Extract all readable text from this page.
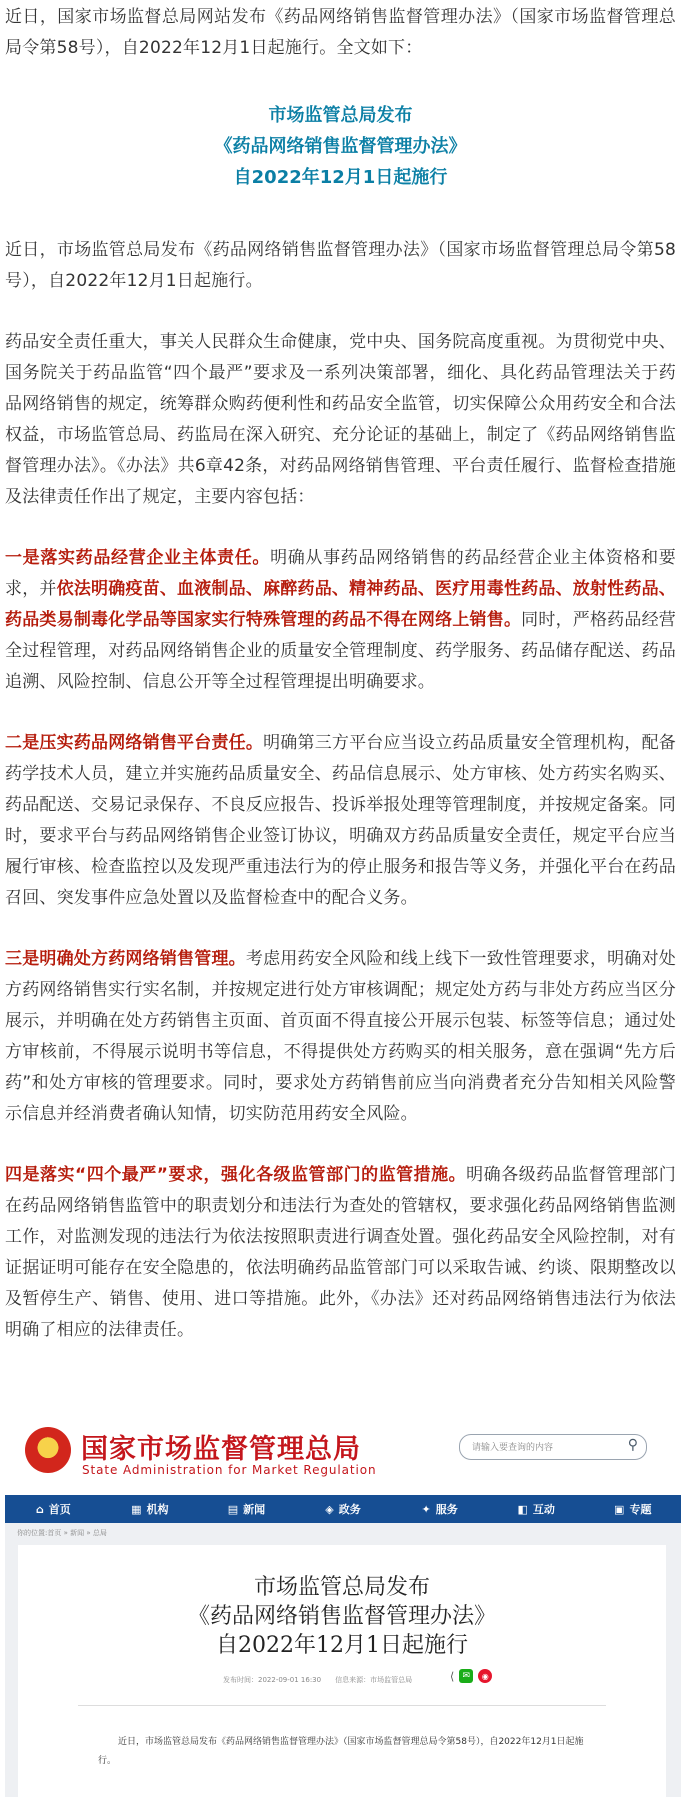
近日，国家市场监督总局网站发布《药品网络销售监督管理办法》（国家市场监督管理总局令第58号），自2022年12月1日起施行。全文如下：

市场监管总局发布
《药品网络销售监督管理办法》
自2022年12月1日起施行

近日，市场监管总局发布《药品网络销售监督管理办法》（国家市场监督管理总局令第58号），自2022年12月1日起施行。

药品安全责任重大，事关人民群众生命健康，党中央、国务院高度重视。为贯彻党中央、国务院关于药品监管“四个最严”要求及一系列决策部署，细化、具化药品管理法关于药品网络销售的规定，统筹群众购药便利性和药品安全监管，切实保障公众用药安全和合法权益，市场监管总局、药监局在深入研究、充分论证的基础上，制定了《药品网络销售监督管理办法》。《办法》共6章42条，对药品网络销售管理、平台责任履行、监督检查措施及法律责任作出了规定，主要内容包括：

一是落实药品经营企业主体责任。明确从事药品网络销售的药品经营企业主体资格和要求，并依法明确疫苗、血液制品、麻醉药品、精神药品、医疗用毒性药品、放射性药品、药品类易制毒化学品等国家实行特殊管理的药品不得在网络上销售。同时，严格药品经营全过程管理，对药品网络销售企业的质量安全管理制度、药学服务、药品储存配送、药品追溯、风险控制、信息公开等全过程管理提出明确要求。

二是压实药品网络销售平台责任。明确第三方平台应当设立药品质量安全管理机构，配备药学技术人员，建立并实施药品质量安全、药品信息展示、处方审核、处方药实名购买、药品配送、交易记录保存、不良反应报告、投诉举报处理等管理制度，并按规定备案。同时，要求平台与药品网络销售企业签订协议，明确双方药品质量安全责任，规定平台应当履行审核、检查监控以及发现严重违法行为的停止服务和报告等义务，并强化平台在药品召回、突发事件应急处置以及监督检查中的配合义务。

三是明确处方药网络销售管理。考虑用药安全风险和线上线下一致性管理要求，明确对处方药网络销售实行实名制，并按规定进行处方审核调配；规定处方药与非处方药应当区分展示，并明确在处方药销售主页面、首页面不得直接公开展示包装、标签等信息；通过处方审核前，不得展示说明书等信息，不得提供处方药购买的相关服务，意在强调“先方后药”和处方审核的管理要求。同时，要求处方药销售前应当向消费者充分告知相关风险警示信息并经消费者确认知情，切实防范用药安全风险。

四是落实“四个最严”要求，强化各级监管部门的监管措施。明确各级药品监督管理部门在药品网络销售监管中的职责划分和违法行为查处的管辖权，要求强化药品网络销售监测工作，对监测发现的违法行为依法按照职责进行调查处置。强化药品安全风险控制，对有证据证明可能存在安全隐患的，依法明确药品监管部门可以采取告诫、约谈、限期整改以及暂停生产、销售、使用、进口等措施。此外，《办法》还对药品网络销售违法行为依法明确了相应的法律责任。

★ 国家市场监督管理总局
State Administration for Market Regulation
请输入要查询的内容	⚲
⌂ 首页	▦ 机构	▤ 新闻	◈ 政务	✦ 服务	◧ 互动	▣ 专题
你的位置:首页 » 新闻 » 总局
市场监管总局发布
《药品网络销售监督管理办法》
自2022年12月1日起施行
发布时间：2022-09-01 16:30　　信息来源：市场监管总局	⟨ ✉	◉
近日，市场监管总局发布《药品网络销售监督管理办法》（国家市场监督管理总局令第58号），自2022年12月1日起施行。
